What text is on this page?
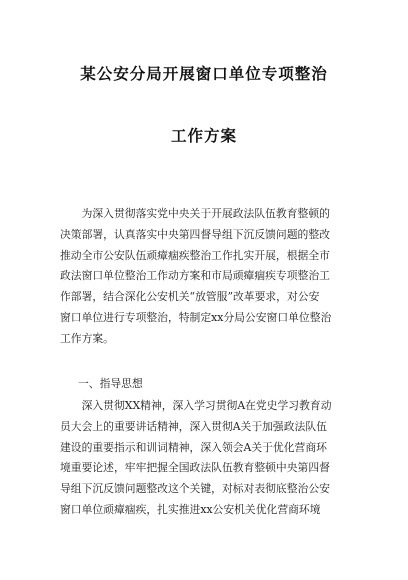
某公安分局开展窗口单位专项整治
工作方案
　　为深入贯彻落实党中央关于开展政法队伍教育整顿的
决策部署，认真落实中央第四督导组下沉反馈问题的整改
推动全市公安队伍顽瘴痼疾整治工作扎实开展，根据全市
政法窗口单位整治工作动方案和市局顽瘴痼疾专项整治工
作部署，结合深化公安机关“放管服”改革要求，对公安
窗口单位进行专项整治，特制定xx分局公安窗口单位整治
工作方案。
一、指导思想
　　深入贯彻XX精神，深入学习贯彻A在党史学习教育动
员大会上的重要讲话精神，深入贯彻A关于加强政法队伍
建设的重要指示和训词精神，深入领会A关于优化营商环
境重要论述，牢牢把握全国政法队伍教育整顿中央第四督
导组下沉反馈问题整改这个关键，对标对表彻底整治公安
窗口单位顽瘴痼疾，扎实推进xx公安机关优化营商环境
